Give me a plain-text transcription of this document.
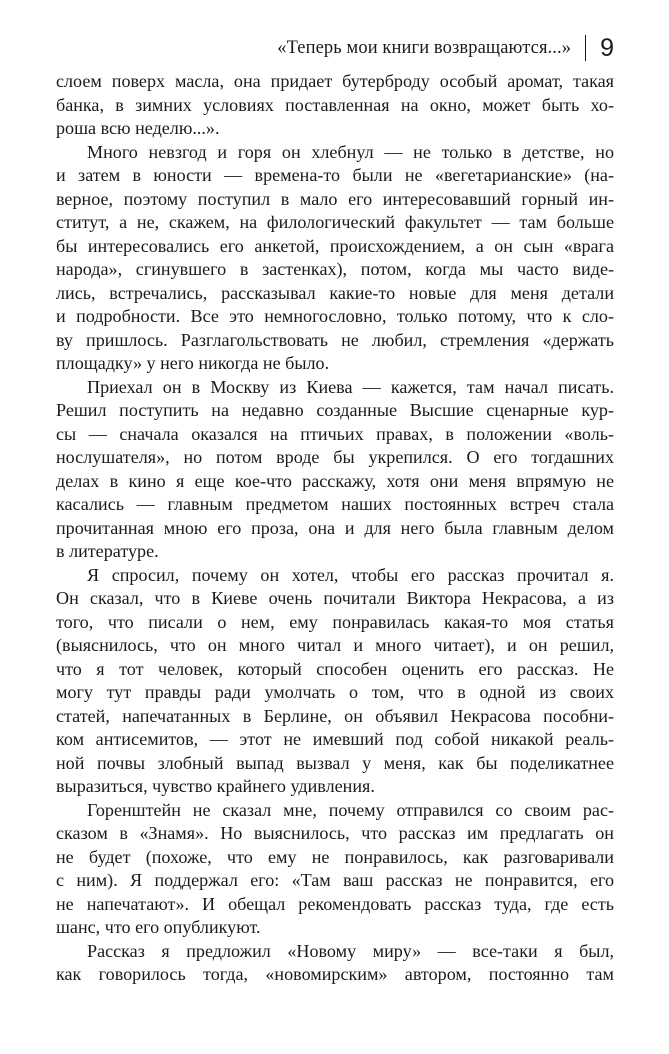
«Теперь мои книги возвращаются...» 9

слоем поверх масла, она придает бутерброду особый аромат, такая
банка, в зимних условиях поставленная на окно, может быть хо-
роша всю неделю...».

Много невзгод и горя он хлебнул — не только в детстве, но
и затем в юности — времена-то были не «вегетарианские» (на-
верное, поэтому поступил в мало его интересовавший горный ин-
ститут, а не, скажем, на филологический факультет — там больше
бы интересовались его анкетой, происхождением, а он сын «врага
народа», сгинувшего в застенках), потом, когда мы часто виде-
лись, встречались, рассказывал какие-то новые для меня детали
и подробности. Все это немногословно, только потому, что к сло-
ву пришлось. Разглагольствовать не любил, стремления «держать
площадку» у него никогда не было.

Приехал он в Москву из Киева — кажется, там начал писать.
Решил поступить на недавно созданные Высшие сценарные кур-
сы — сначала оказался на птичьих правах, в положении «воль-
нослушателя», но потом вроде бы укрепился. О его тогдашних
делах в кино я еще кое-что расскажу, хотя они меня впрямую не
касались — главным предметом наших постоянных встреч стала
прочитанная мною его проза, она и для него была главным делом
в литературе.

Я спросил, почему он хотел, чтобы его рассказ прочитал я.
Он сказал, что в Киеве очень почитали Виктора Некрасова, а из
того, что писали о нем, ему понравилась какая-то моя статья
(выяснилось, что он много читал и много читает), и он решил,
что я тот человек, который способен оценить его рассказ. Не
могу тут правды ради умолчать о том, что в одной из своих
статей, напечатанных в Берлине, он объявил Некрасова пособни-
ком антисемитов, — этот не имевший под собой никакой реаль-
ной почвы злобный выпад вызвал у меня, как бы поделикатнее
выразиться, чувство крайнего удивления.

Горенштейн не сказал мне, почему отправился со своим рас-
сказом в «Знамя». Но выяснилось, что рассказ им предлагать он
не будет (похоже, что ему не понравилось, как разговаривали
с ним). Я поддержал его: «Там ваш рассказ не понравится, его
не напечатают». И обещал рекомендовать рассказ туда, где есть
шанс, что его опубликуют.

Рассказ я предложил «Новому миру» — все-таки я был,
как говорилось тогда, «новомирским» автором, постоянно там
